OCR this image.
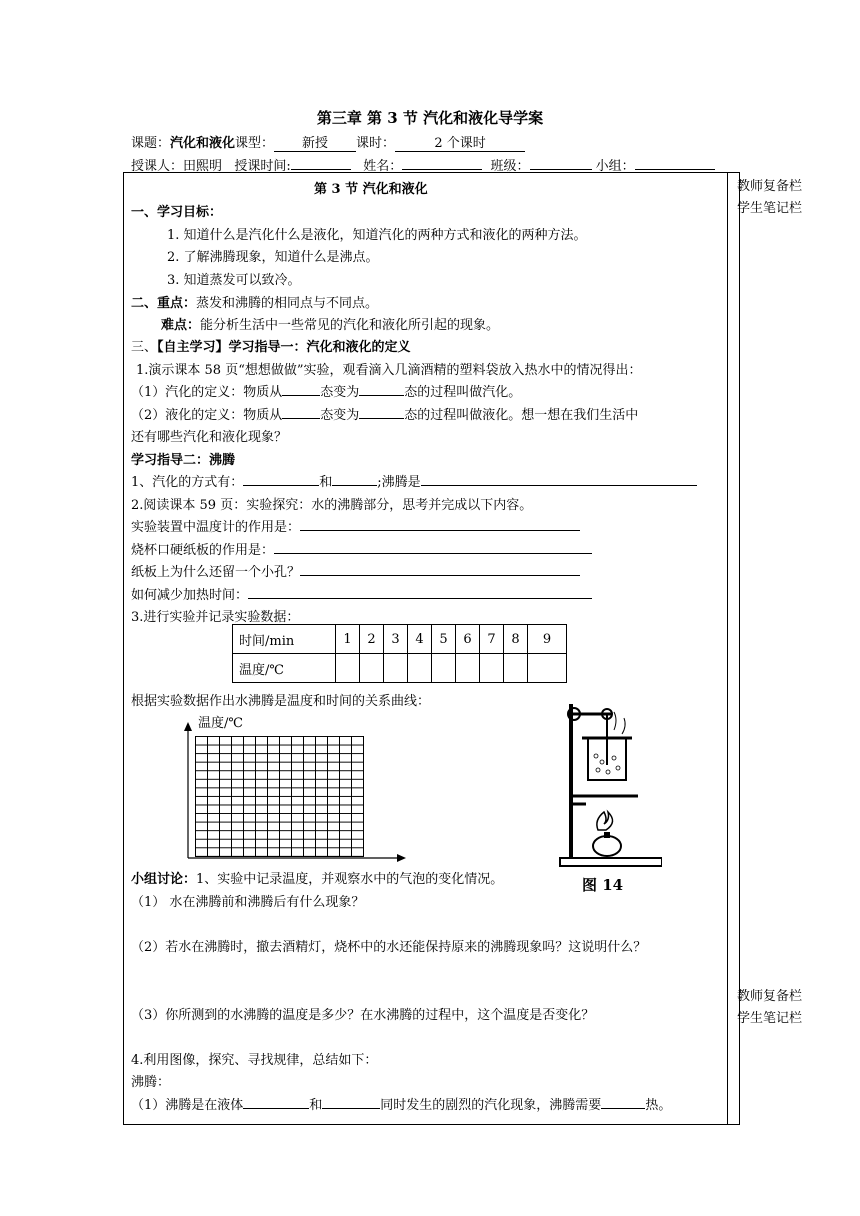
第三章 第 3 节 汽化和液化导学案
课题：汽化和液化课型： 新授 课时：	2 个课时
授课人：田熙明 授课时间:	姓名：	班级：	小组：
教师复备栏
学生笔记栏
教师复备栏
学生笔记栏
第 3 节 汽化和液化
一、学习目标：
1. 知道什么是汽化什么是液化，知道汽化的两种方式和液化的两种方法。
2. 了解沸腾现象，知道什么是沸点。
3. 知道蒸发可以致冷。
二、重点：蒸发和沸腾的相同点与不同点。
难点：能分析生活中一些常见的汽化和液化所引起的现象。
三、【自主学习】学习指导一：汽化和液化的定义
1.演示课本 58 页“想想做做”实验，观看滴入几滴酒精的塑料袋放入热水中的情况得出：
（1）汽化的定义：物质从	态变为	态的过程叫做汽化。
（2）液化的定义：物质从	态变为	态的过程叫做液化。想一想在我们生活中
还有哪些汽化和液化现象？
学习指导二：沸腾
1、汽化的方式有：	和	;沸腾是
2.阅读课本 59 页：实验探究：水的沸腾部分，思考并完成以下内容。
实验装置中温度计的作用是：
烧杯口硬纸板的作用是：
纸板上为什么还留一个小孔？
如何减少加热时间：
3.进行实验并记录实验数据：
时间/min	1	2	3	4	5	6	7	8	9
温度/℃									
根据实验数据作出水沸腾是温度和时间的关系曲线：
温度/℃
图 14
小组讨论：1、实验中记录温度，并观察水中的气泡的变化情况。
（1） 水在沸腾前和沸腾后有什么现象？
（2）若水在沸腾时，撤去酒精灯，烧杯中的水还能保持原来的沸腾现象吗？这说明什么？
（3）你所测到的水沸腾的温度是多少？在水沸腾的过程中，这个温度是否变化？
4.利用图像，探究、寻找规律，总结如下：
沸腾：
（1）沸腾是在液体	和	同时发生的剧烈的汽化现象，沸腾需要	热。
